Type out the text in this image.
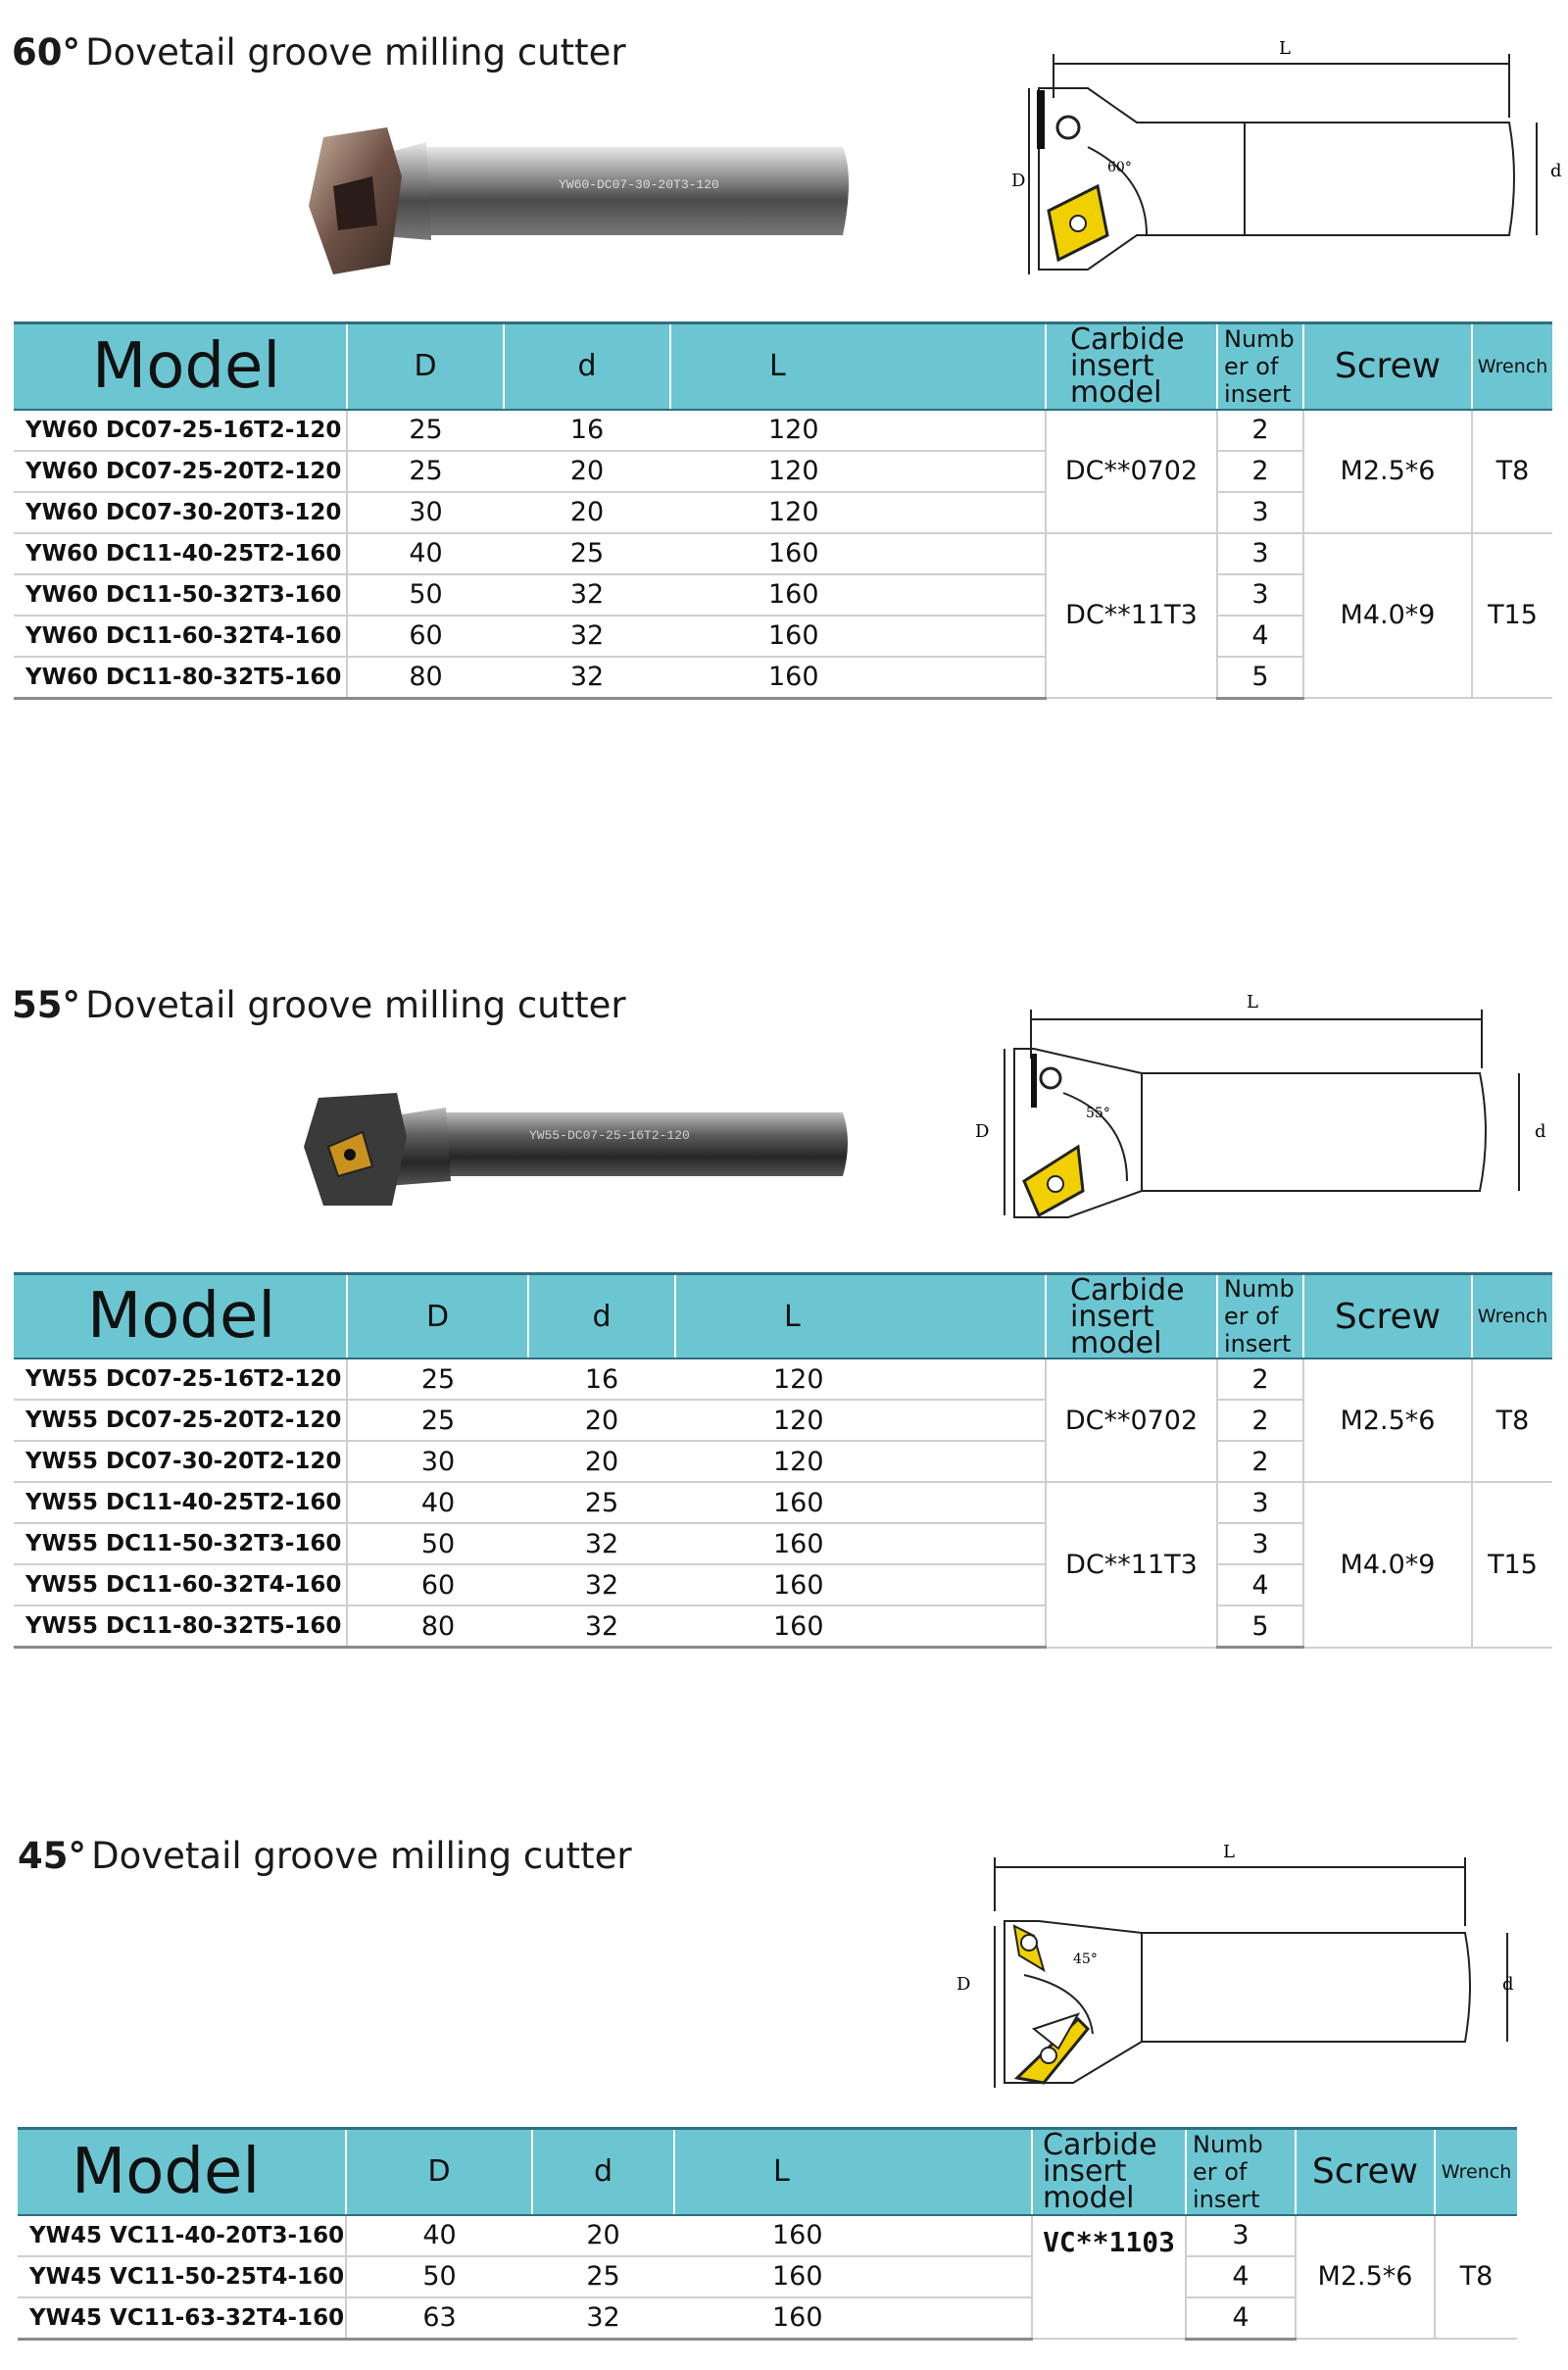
60° Dovetail groove milling cutter
YW60-DC07-30-20T3-120
L
D	d
60°
Model	D	d	L	Carbide
insert
model	Numb
er of
insert	Screw	Wrench
YW60 DC07-25-16T2-120	25	16	120	DC**0702	2	M2.5*6	T8
YW60 DC07-25-20T2-120	25	20	120		2		
YW60 DC07-30-20T3-120	30	20	120		3		
YW60 DC11-40-25T2-160	40	25	160	DC**11T3	3	M4.0*9	T15
YW60 DC11-50-32T3-160	50	32	160		3		
YW60 DC11-60-32T4-160	60	32	160		4		
YW60 DC11-80-32T5-160	80	32	160		5		
55° Dovetail groove milling cutter
YW55-DC07-25-16T2-120
L
D	d
55°
Model	D	d	L	Carbide
insert
model	Numb
er of
insert	Screw	Wrench
YW55 DC07-25-16T2-120	25	16	120	DC**0702	2	M2.5*6	T8
YW55 DC07-25-20T2-120	25	20	120		2		
YW55 DC07-30-20T2-120	30	20	120		2		
YW55 DC11-40-25T2-160	40	25	160	DC**11T3	3	M4.0*9	T15
YW55 DC11-50-32T3-160	50	32	160		3		
YW55 DC11-60-32T4-160	60	32	160		4		
YW55 DC11-80-32T5-160	80	32	160		5		
45° Dovetail groove milling cutter	L
D	d
45°
Model	D	d	L	Carbide
insert
model	Numb
er of
insert	Screw	Wrench
YW45 VC11-40-20T3-160	40	20	160	VC**1103	3	M2.5*6	T8
YW45 VC11-50-25T4-160	50	25	160		4		
YW45 VC11-63-32T4-160	63	32	160		4		
